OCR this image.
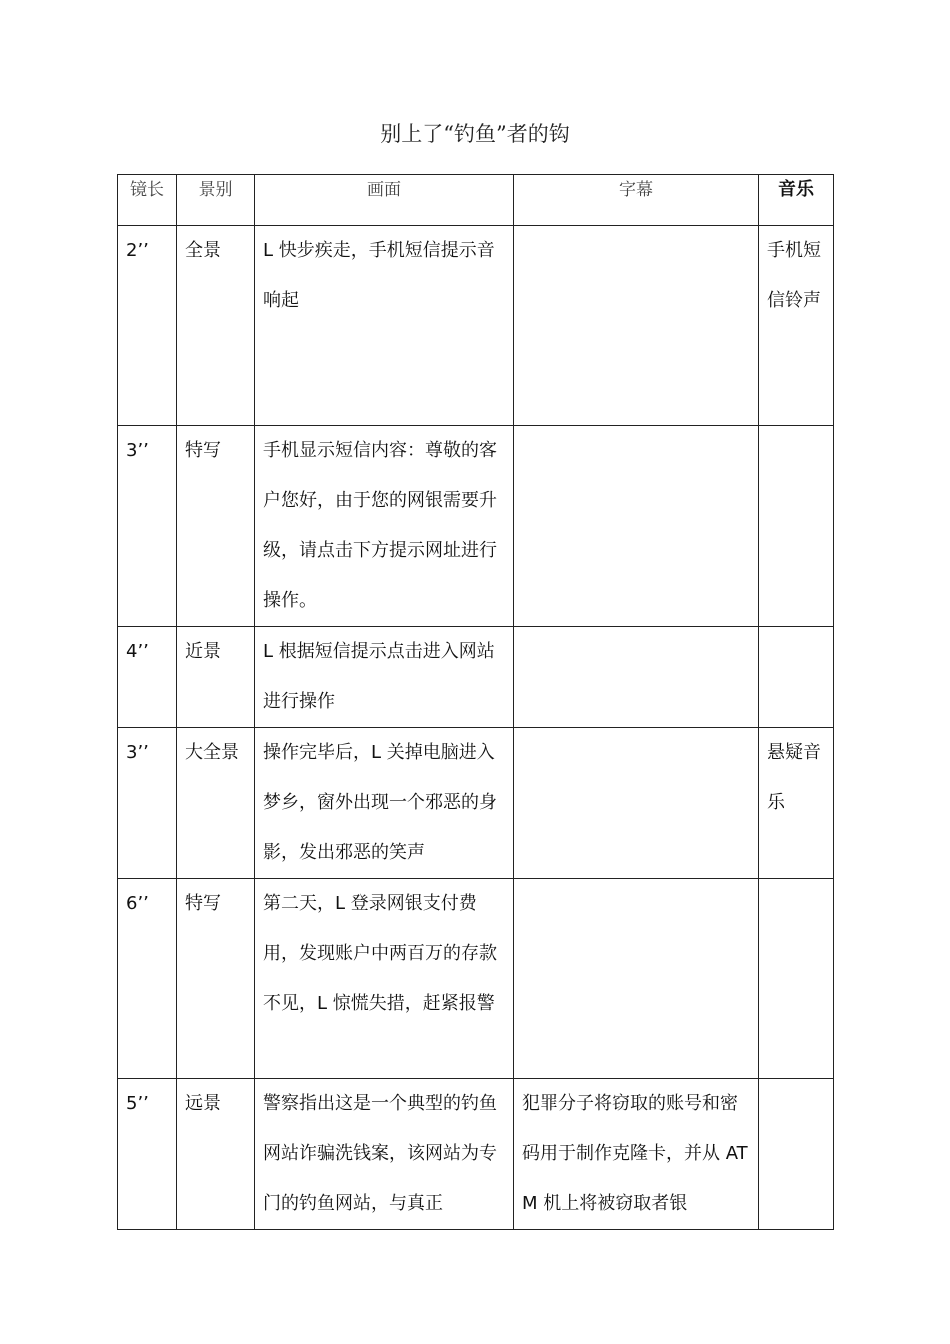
别上了“钓鱼”者的钩
镜长	景别	画面	字幕	音乐
2’’	全景	L 快步疾走，手机短信提示音响起		手机短信铃声
3’’	特写	手机显示短信内容：尊敬的客户您好，由于您的网银需要升级，请点击下方提示网址进行操作。		
4’’	近景	L 根据短信提示点击进入网站进行操作		
3’’	大全景	操作完毕后，L 关掉电脑进入梦乡，窗外出现一个邪恶的身影，发出邪恶的笑声		悬疑音乐
6’’	特写	第二天，L 登录网银支付费用，发现账户中两百万的存款不见，L 惊慌失措，赶紧报警		
5’’	远景	警察指出这是一个典型的钓鱼网站诈骗洗钱案，该网站为专门的钓鱼网站，与真正	犯罪分子将窃取的账号和密码用于制作克隆卡，并从 ATM 机上将被窃取者银	
